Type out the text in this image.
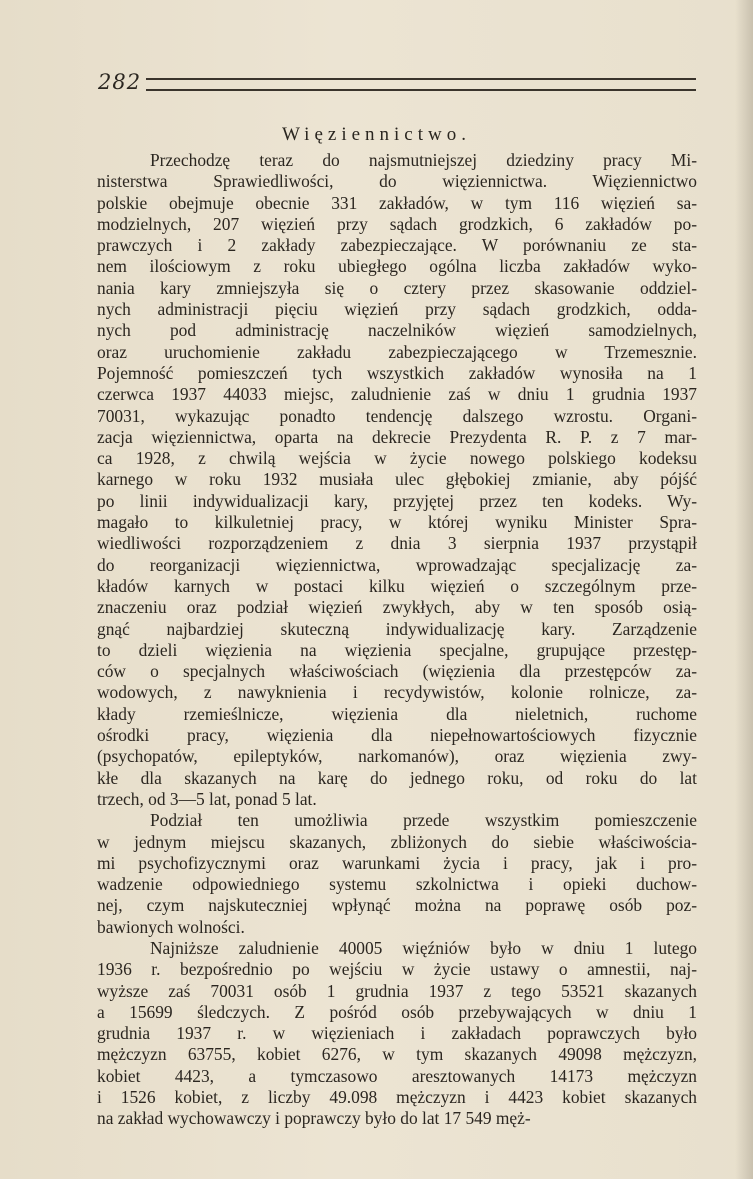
282
Więziennictwo.

Przechodzę teraz do najsmutniejszej dziedziny pracy Mi-

nisterstwa Sprawiedliwości, do więziennictwa. Więziennictwo

polskie obejmuje obecnie 331 zakładów, w tym 116 więzień sa-

modzielnych, 207 więzień przy sądach grodzkich, 6 zakładów po-

prawczych i 2 zakłady zabezpieczające. W porównaniu ze sta-

nem ilościowym z roku ubiegłego ogólna liczba zakładów wyko-

nania kary zmniejszyła się o cztery przez skasowanie oddziel-

nych administracji pięciu więzień przy sądach grodzkich, odda-

nych pod administrację naczelników więzień samodzielnych,

oraz uruchomienie zakładu zabezpieczającego w Trzemesznie.

Pojemność pomieszczeń tych wszystkich zakładów wynosiła na 1

czerwca 1937 44033 miejsc, zaludnienie zaś w dniu 1 grudnia 1937

70031, wykazując ponadto tendencję dalszego wzrostu. Organi-

zacja więziennictwa, oparta na dekrecie Prezydenta R. P. z 7 mar-

ca 1928, z chwilą wejścia w życie nowego polskiego kodeksu

karnego w roku 1932 musiała ulec głębokiej zmianie, aby pójść

po linii indywidualizacji kary, przyjętej przez ten kodeks. Wy-

magało to kilkuletniej pracy, w której wyniku Minister Spra-

wiedliwości rozporządzeniem z dnia 3 sierpnia 1937 przystąpił

do reorganizacji więziennictwa, wprowadzając specjalizację za-

kładów karnych w postaci kilku więzień o szczególnym prze-

znaczeniu oraz podział więzień zwykłych, aby w ten sposób osią-

gnąć najbardziej skuteczną indywidualizację kary. Zarządzenie

to dzieli więzienia na więzienia specjalne, grupujące przestęp-

ców o specjalnych właściwościach (więzienia dla przestępców za-

wodowych, z nawyknienia i recydywistów, kolonie rolnicze, za-

kłady rzemieślnicze, więzienia dla nieletnich, ruchome

ośrodki pracy, więzienia dla niepełnowartościowych fizycznie

(psychopatów, epileptyków, narkomanów), oraz więzienia zwy-

kłe dla skazanych na karę do jednego roku, od roku do lat

trzech, od 3—5 lat, ponad 5 lat.

Podział ten umożliwia przede wszystkim pomieszczenie

w jednym miejscu skazanych, zbliżonych do siebie właściwościa-

mi psychofizycznymi oraz warunkami życia i pracy, jak i pro-

wadzenie odpowiedniego systemu szkolnictwa i opieki duchow-

nej, czym najskuteczniej wpłynąć można na poprawę osób poz-

bawionych wolności.

Najniższe zaludnienie 40005 więźniów było w dniu 1 lutego

1936 r. bezpośrednio po wejściu w życie ustawy o amnestii, naj-

wyższe zaś 70031 osób 1 grudnia 1937 z tego 53521 skazanych

a 15699 śledczych. Z pośród osób przebywających w dniu 1

grudnia 1937 r. w więzieniach i zakładach poprawczych było

mężczyzn 63755, kobiet 6276, w tym skazanych 49098 mężczyzn,

kobiet 4423, a tymczasowo aresztowanych 14173 mężczyzn

i 1526 kobiet, z liczby 49.098 mężczyzn i 4423 kobiet skazanych

na zakład wychowawczy i poprawczy było do lat 17 549 męż-
